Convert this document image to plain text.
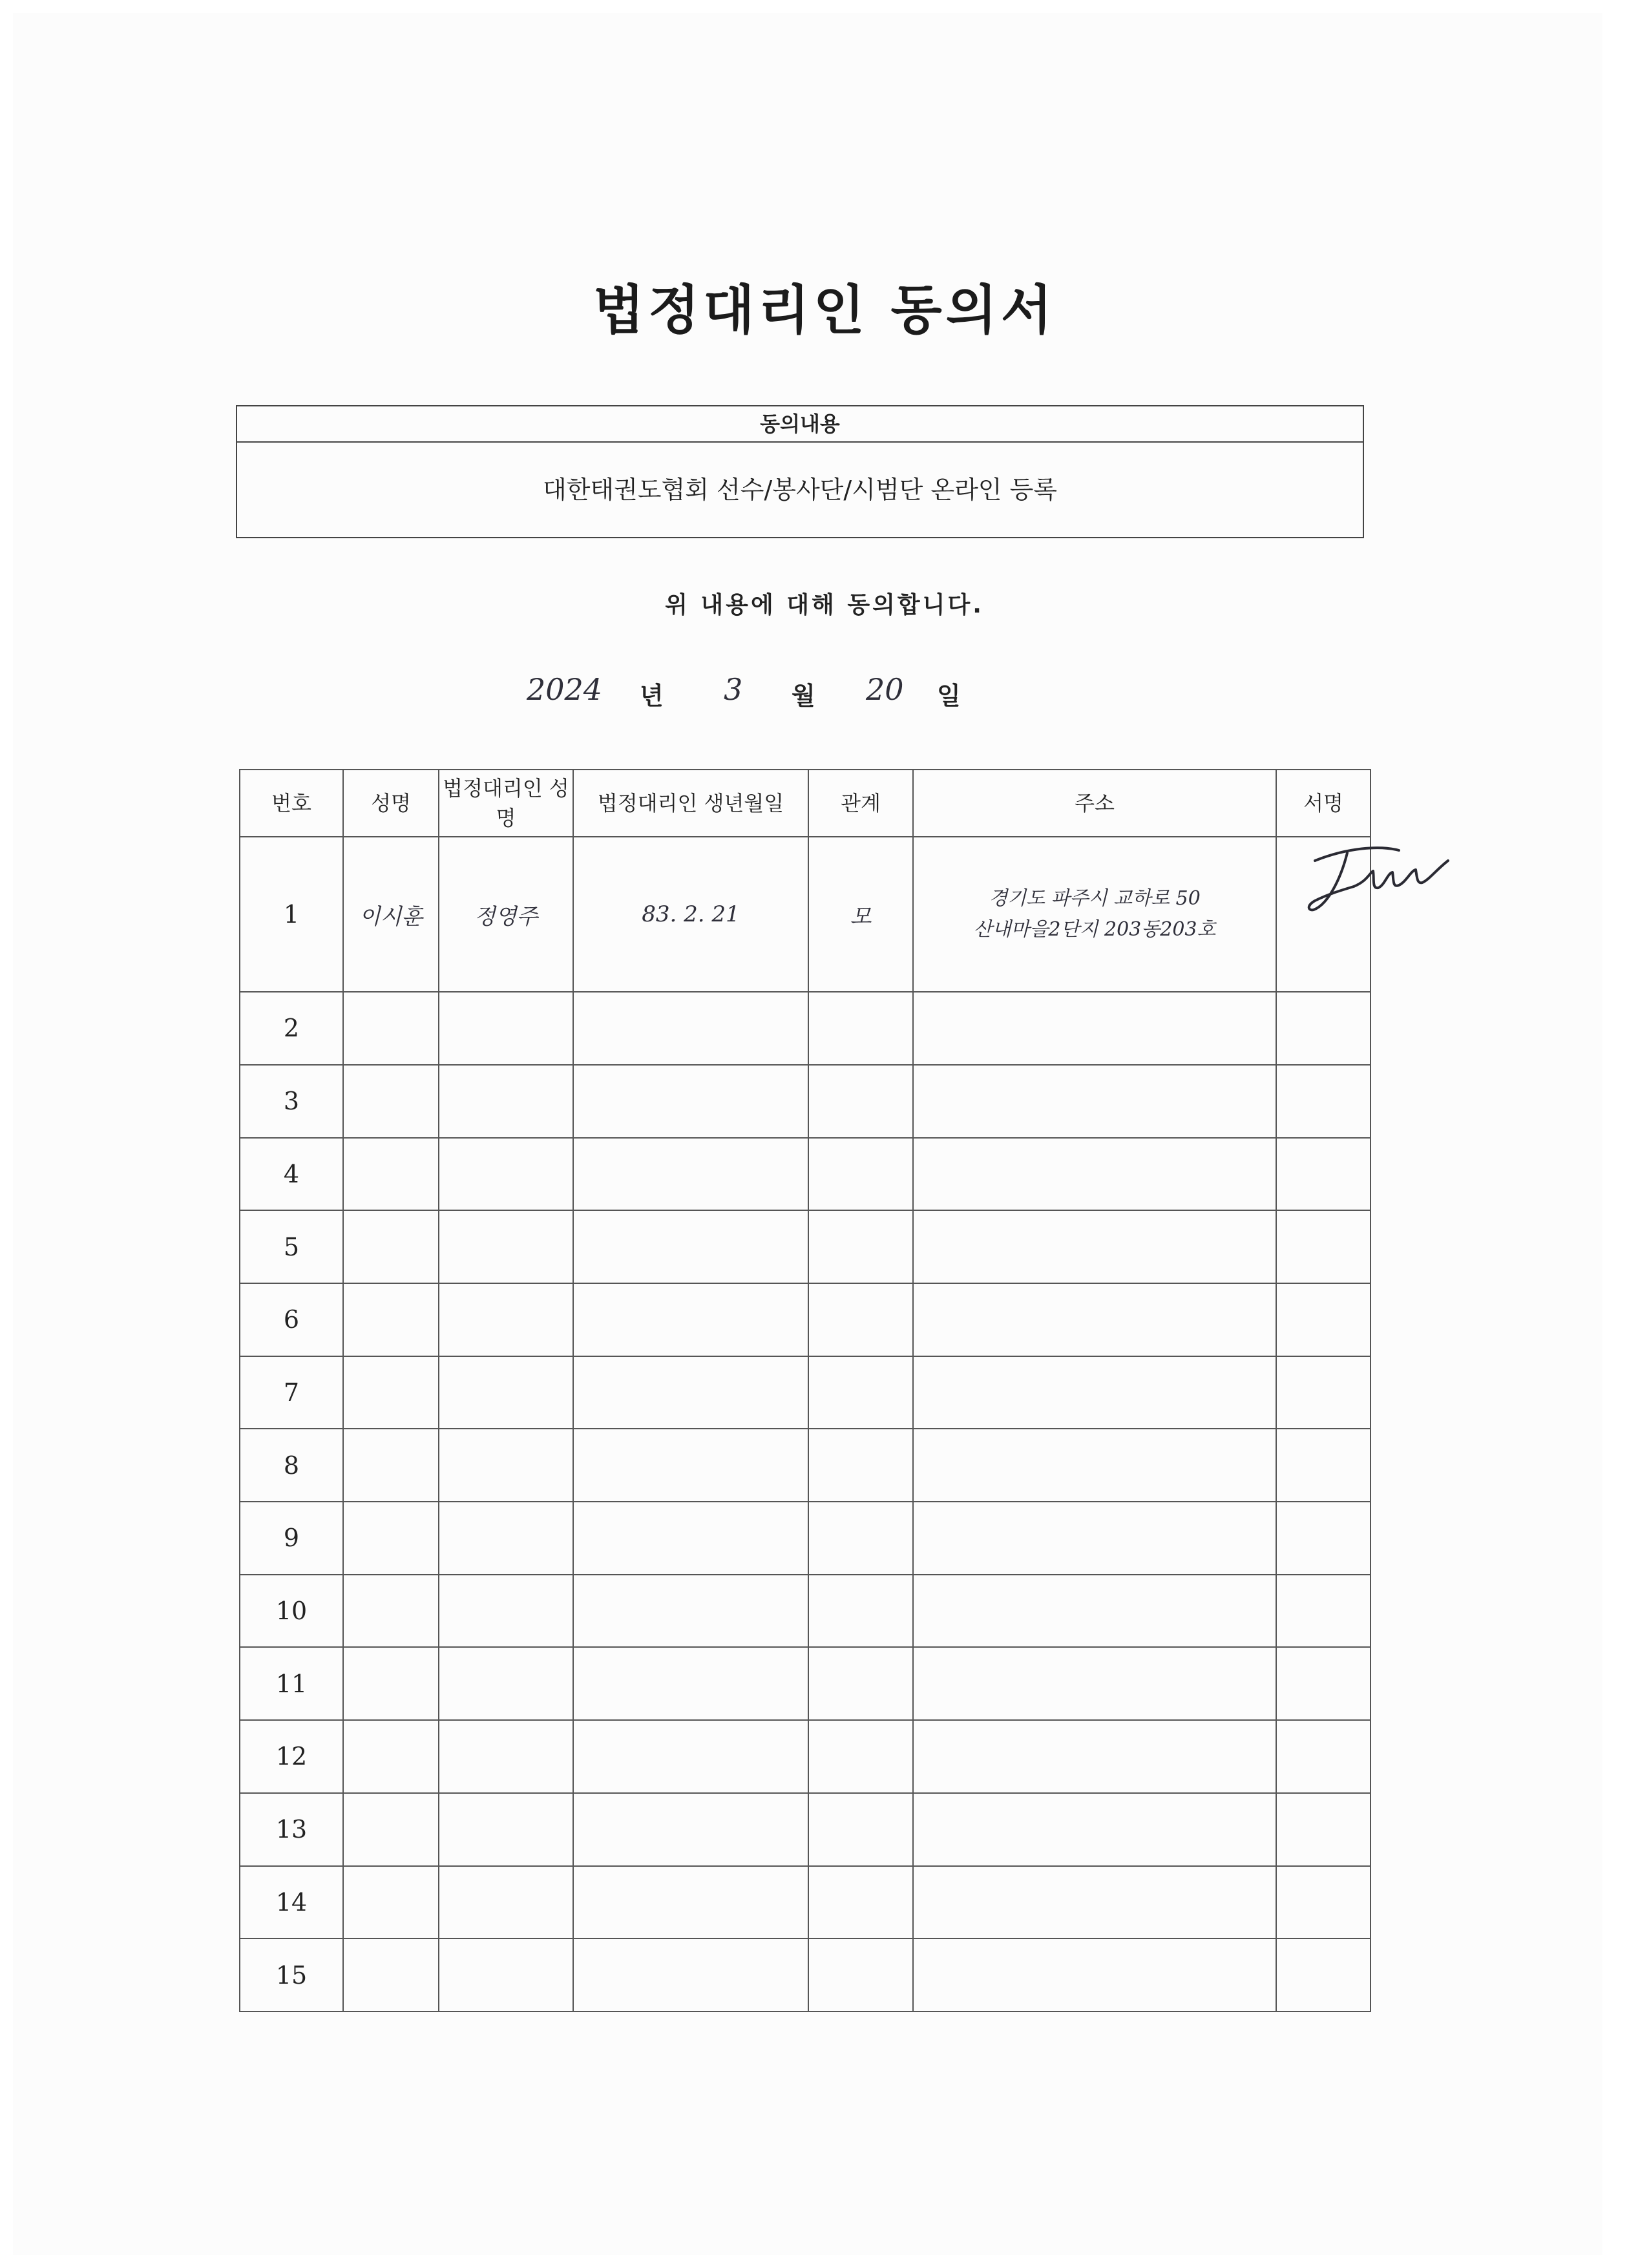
법정대리인 동의서
동의내용
대한태권도협회 선수/봉사단/시범단 온라인 등록
위 내용에 대해 동의합니다.
2024 년 3 월 20 일
번호	성명	법정대리인 성명	법정대리인 생년월일	관계	주소	서명
1	이시훈	정영주	83. 2. 21	모	경기도 파주시 교하로 50
산내마을2단지 203동203호	

2						
3						
4						
5						
6						
7						
8						
9						
10						
11						
12						
13						
14						
15						
